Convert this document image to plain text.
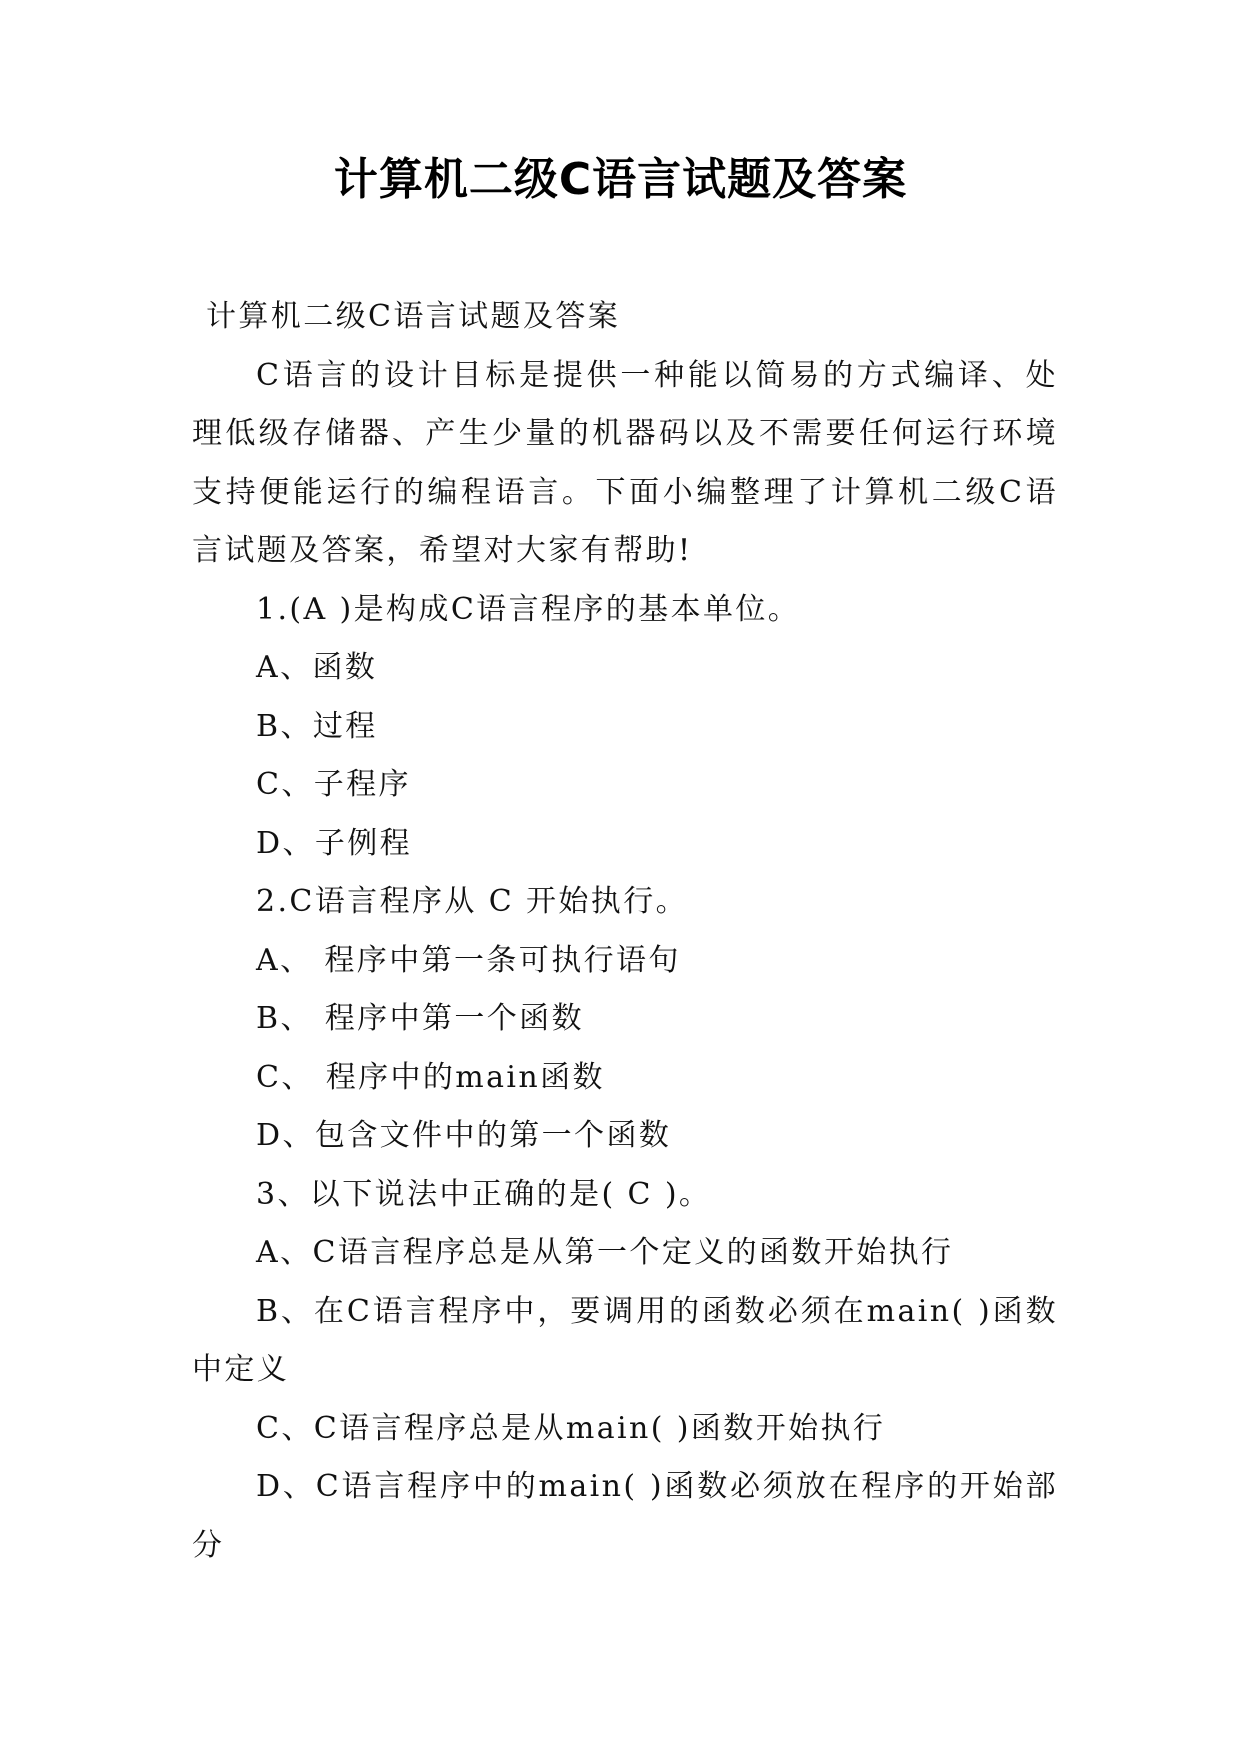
计算机二级C语言试题及答案

计算机二级C语言试题及答案

C语言的设计目标是提供一种能以简易的方式编译、处理低级存储器、产生少量的机器码以及不需要任何运行环境支持便能运行的编程语言。下面小编整理了计算机二级C语言试题及答案，希望对大家有帮助!

1.(A )是构成C语言程序的基本单位。

A、函数

B、过程

C、子程序

D、子例程

2.C语言程序从 C 开始执行。

A、 程序中第一条可执行语句

B、 程序中第一个函数

C、 程序中的main函数

D、包含文件中的第一个函数

3、以下说法中正确的是( C )。

A、C语言程序总是从第一个定义的函数开始执行

B、在C语言程序中，要调用的函数必须在main( )函数中定义

C、C语言程序总是从main( )函数开始执行

D、C语言程序中的main( )函数必须放在程序的开始部分
